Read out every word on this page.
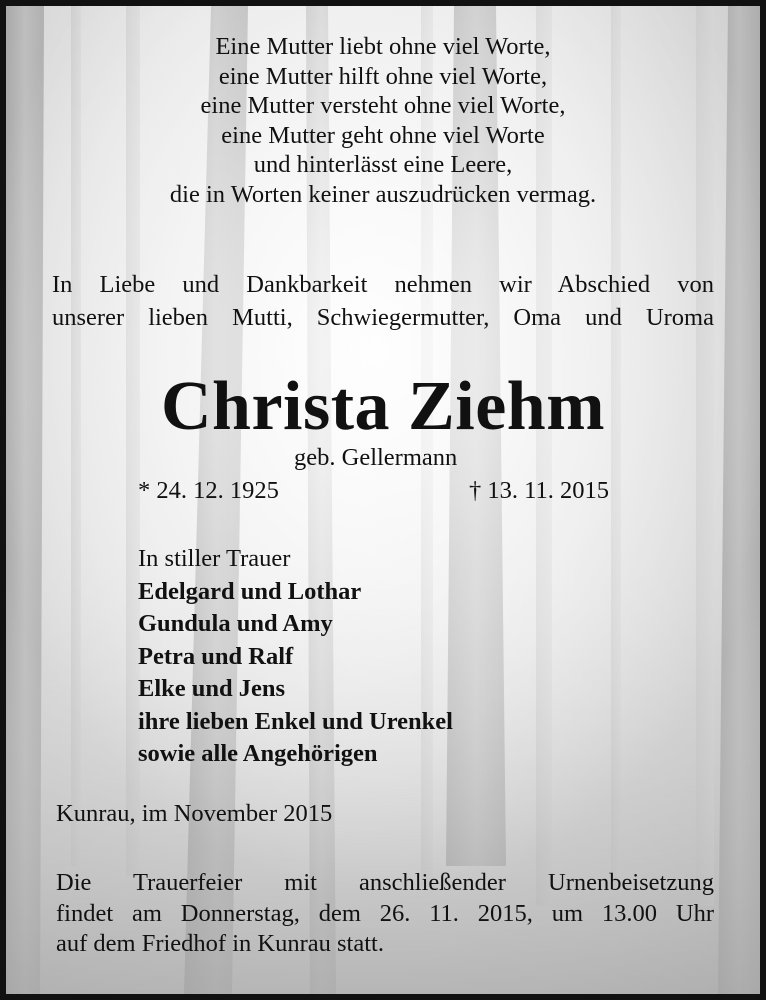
Eine Mutter liebt ohne viel Worte,
eine Mutter hilft ohne viel Worte,
eine Mutter versteht ohne viel Worte,
eine Mutter geht ohne viel Worte
und hinterlässt eine Leere,
die in Worten keiner auszudrücken vermag.
In Liebe und Dankbarkeit nehmen wir Abschied von
unserer lieben Mutti, Schwiegermutter, Oma und Uroma
Christa Ziehm
geb. Gellermann
* 24. 12. 1925	† 13. 11. 2015
In stiller Trauer
Edelgard und Lothar
Gundula und Amy
Petra und Ralf
Elke und Jens
ihre lieben Enkel und Urenkel
sowie alle Angehörigen
Kunrau, im November 2015
Die Trauerfeier mit anschließender Urnenbeisetzung
findet am Donnerstag, dem 26. 11. 2015, um 13.00 Uhr
auf dem Friedhof in Kunrau statt.
